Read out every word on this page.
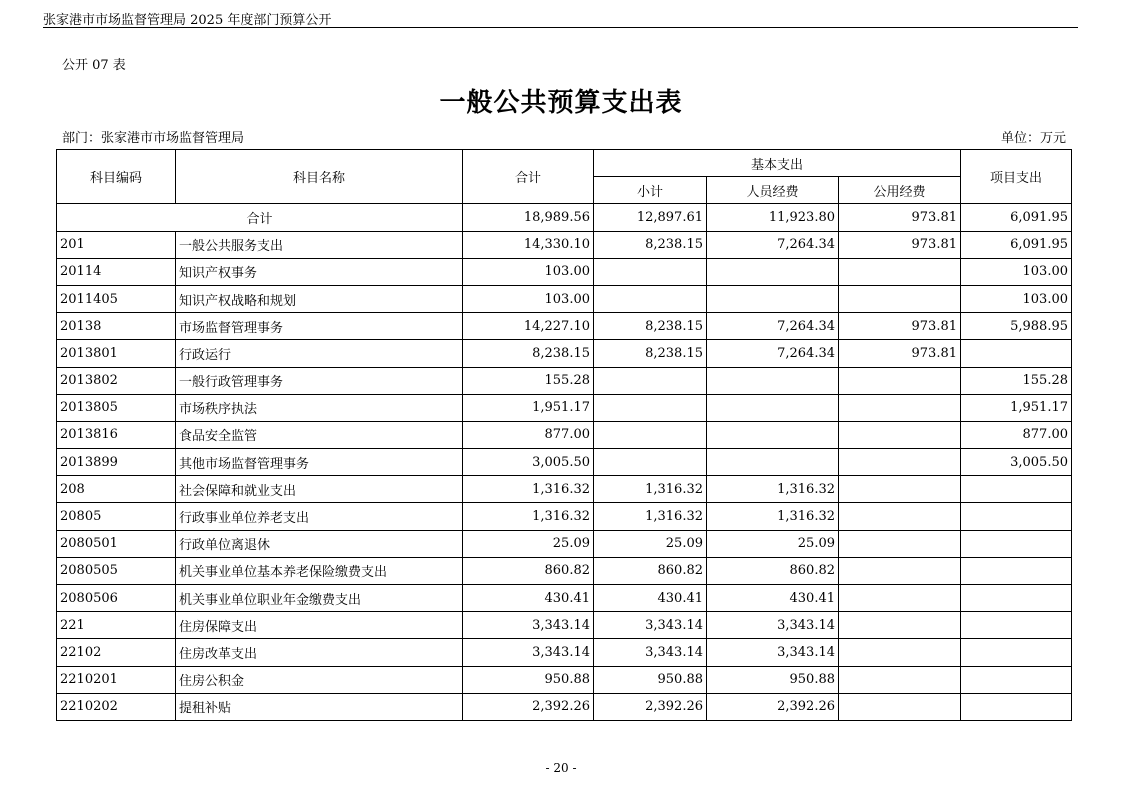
张家港市市场监督管理局 2025 年度部门预算公开
公开 07 表
一般公共预算支出表
部门：张家港市市场监督管理局	单位：万元
科目编码	科目名称	合计	基本支出			项目支出
			小计	人员经费	公用经费	
合计		18,989.56	12,897.61	11,923.80	973.81	6,091.95
201	一般公共服务支出	14,330.10	8,238.15	7,264.34	973.81	6,091.95
20114	知识产权事务	103.00				103.00
2011405	知识产权战略和规划	103.00				103.00
20138	市场监督管理事务	14,227.10	8,238.15	7,264.34	973.81	5,988.95
2013801	行政运行	8,238.15	8,238.15	7,264.34	973.81	
2013802	一般行政管理事务	155.28				155.28
2013805	市场秩序执法	1,951.17				1,951.17
2013816	食品安全监管	877.00				877.00
2013899	其他市场监督管理事务	3,005.50				3,005.50
208	社会保障和就业支出	1,316.32	1,316.32	1,316.32		
20805	行政事业单位养老支出	1,316.32	1,316.32	1,316.32		
2080501	行政单位离退休	25.09	25.09	25.09		
2080505	机关事业单位基本养老保险缴费支出	860.82	860.82	860.82		
2080506	机关事业单位职业年金缴费支出	430.41	430.41	430.41		
221	住房保障支出	3,343.14	3,343.14	3,343.14		
22102	住房改革支出	3,343.14	3,343.14	3,343.14		
2210201	住房公积金	950.88	950.88	950.88		
2210202	提租补贴	2,392.26	2,392.26	2,392.26		
- 20 -
